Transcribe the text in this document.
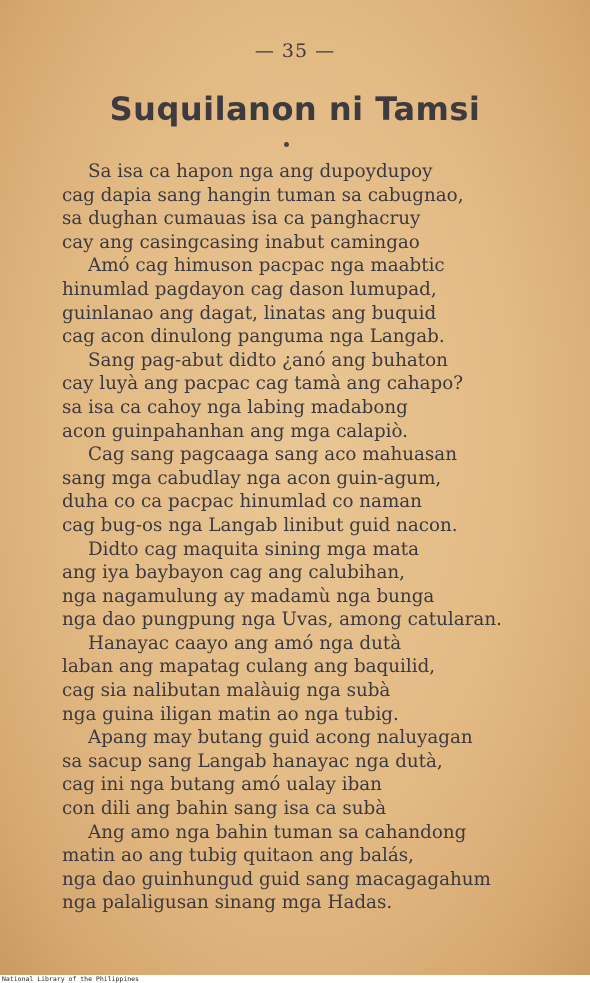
— 35 —
Suquilanon ni Tamsi
Sa isa ca hapon nga ang dupoydupoy
cag dapia sang hangin tuman sa cabugnao,
sa dughan cumauas isa ca panghacruy
cay ang casingcasing inabut camingao
Amó cag himuson pacpac nga maabtic
hinumlad pagdayon cag dason lumupad,
guinlanao ang dagat, linatas ang buquid
cag acon dinulong panguma nga Langab.
Sang pag-abut didto ¿anó ang buhaton
cay luyà ang pacpac cag tamà ang cahapo?
sa isa ca cahoy nga labing madabong
acon guinpahanhan ang mga calapiò.
Cag sang pagcaaga sang aco mahuasan
sang mga cabudlay nga acon guin-agum,
duha co ca pacpac hinumlad co naman
cag bug-os nga Langab linibut guid nacon.
Didto cag maquita sining mga mata
ang iya baybayon cag ang calubihan,
nga nagamulung ay madamù nga bunga
nga dao pungpung nga Uvas, among catularan.
Hanayac caayo ang amó nga dutà
laban ang mapatag culang ang baquilid,
cag sia nalibutan malàuig nga subà
nga guina iligan matin ao nga tubig.
Apang may butang guid acong naluyagan
sa sacup sang Langab hanayac nga dutà,
cag ini nga butang amó ualay iban
con dili ang bahin sang isa ca subà
Ang amo nga bahin tuman sa cahandong
matin ao ang tubig quitaon ang balás,
nga dao guinhungud guid sang macagagahum
nga palaligusan sinang mga Hadas.
National Library of the Philippines
